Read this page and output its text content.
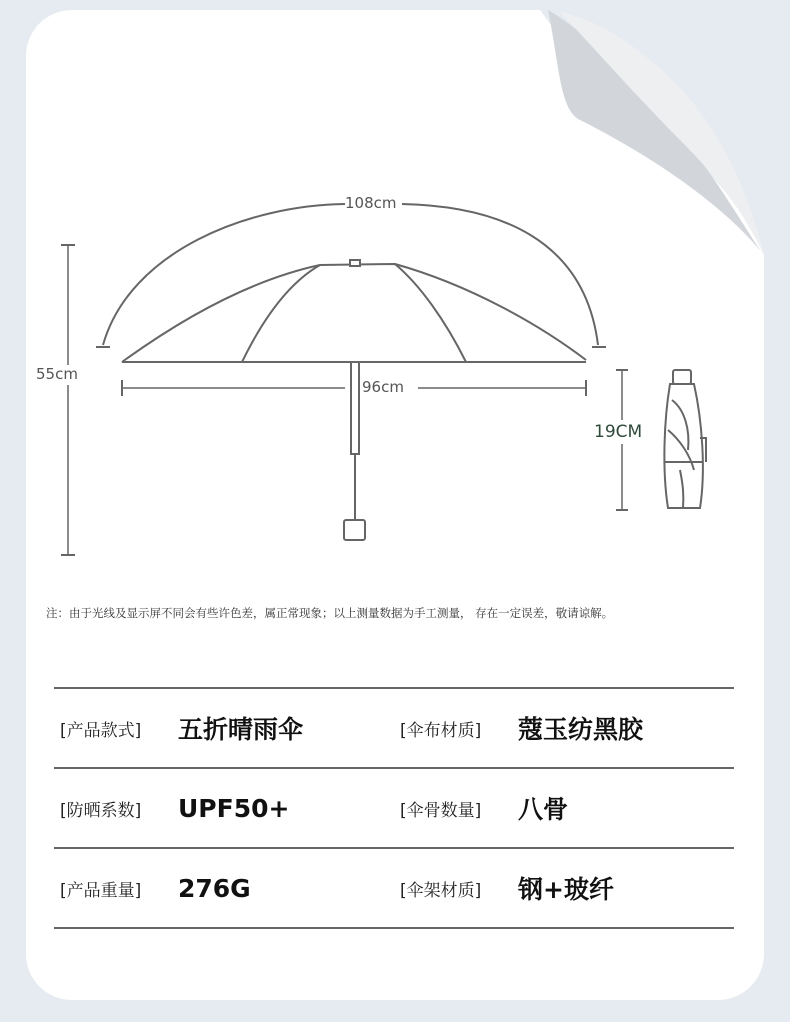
108cm
55cm
96cm
19CM
注：由于光线及显示屏不同会有些许色差，属正常现象；以上测量数据为手工测量， 存在一定误差，敬请谅解。
[产品款式]	五折晴雨伞	[伞布材质]	蔻玉纺黑胶
[防晒系数]	UPF50+	[伞骨数量]	八骨
[产品重量]	276G	[伞架材质]	钢+玻纤
